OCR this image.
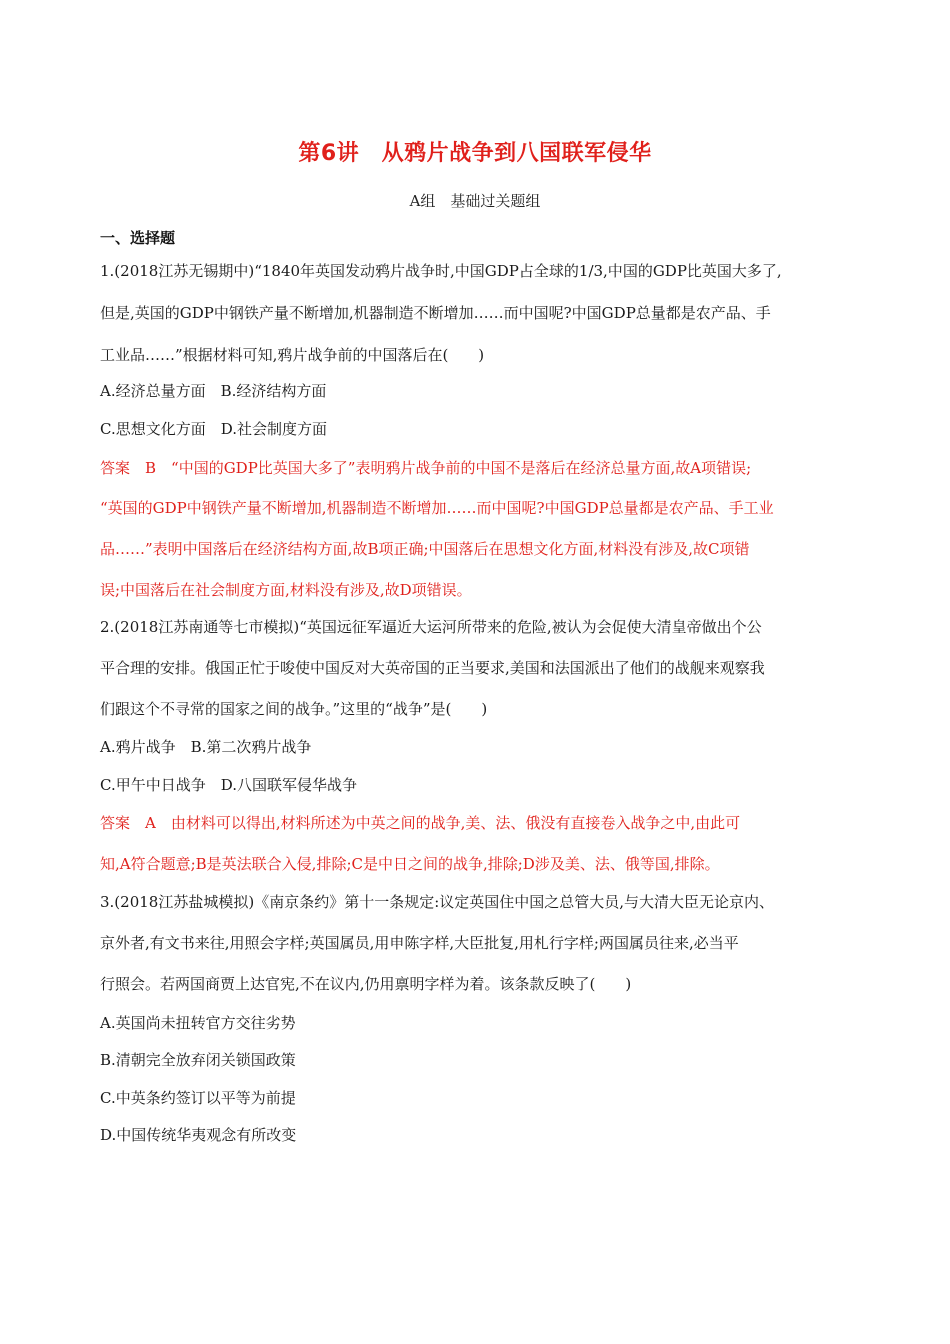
第6讲　从鸦片战争到八国联军侵华
A组　基础过关题组
一、选择题
1.(2018江苏无锡期中)“1840年英国发动鸦片战争时,中国GDP占全球的1/3,中国的GDP比英国大多了,
但是,英国的GDP中钢铁产量不断增加,机器制造不断增加……而中国呢?中国GDP总量都是农产品、手
工业品……”根据材料可知,鸦片战争前的中国落后在(　　)
A.经济总量方面　B.经济结构方面
C.思想文化方面　D.社会制度方面
答案　B　“中国的GDP比英国大多了”表明鸦片战争前的中国不是落后在经济总量方面,故A项错误;
“英国的GDP中钢铁产量不断增加,机器制造不断增加……而中国呢?中国GDP总量都是农产品、手工业
品……”表明中国落后在经济结构方面,故B项正确;中国落后在思想文化方面,材料没有涉及,故C项错
误;中国落后在社会制度方面,材料没有涉及,故D项错误。
2.(2018江苏南通等七市模拟)“英国远征军逼近大运河所带来的危险,被认为会促使大清皇帝做出个公
平合理的安排。俄国正忙于唆使中国反对大英帝国的正当要求,美国和法国派出了他们的战舰来观察我
们跟这个不寻常的国家之间的战争。”这里的“战争”是(　　)
A.鸦片战争　B.第二次鸦片战争
C.甲午中日战争　D.八国联军侵华战争
答案　A　由材料可以得出,材料所述为中英之间的战争,美、法、俄没有直接卷入战争之中,由此可
知,A符合题意;B是英法联合入侵,排除;C是中日之间的战争,排除;D涉及美、法、俄等国,排除。
3.(2018江苏盐城模拟)《南京条约》第十一条规定:议定英国住中国之总管大员,与大清大臣无论京内、
京外者,有文书来往,用照会字样;英国属员,用申陈字样,大臣批复,用札行字样;两国属员往来,必当平
行照会。若两国商贾上达官宪,不在议内,仍用禀明字样为着。该条款反映了(　　)
A.英国尚未扭转官方交往劣势
B.清朝完全放弃闭关锁国政策
C.中英条约签订以平等为前提
D.中国传统华夷观念有所改变
